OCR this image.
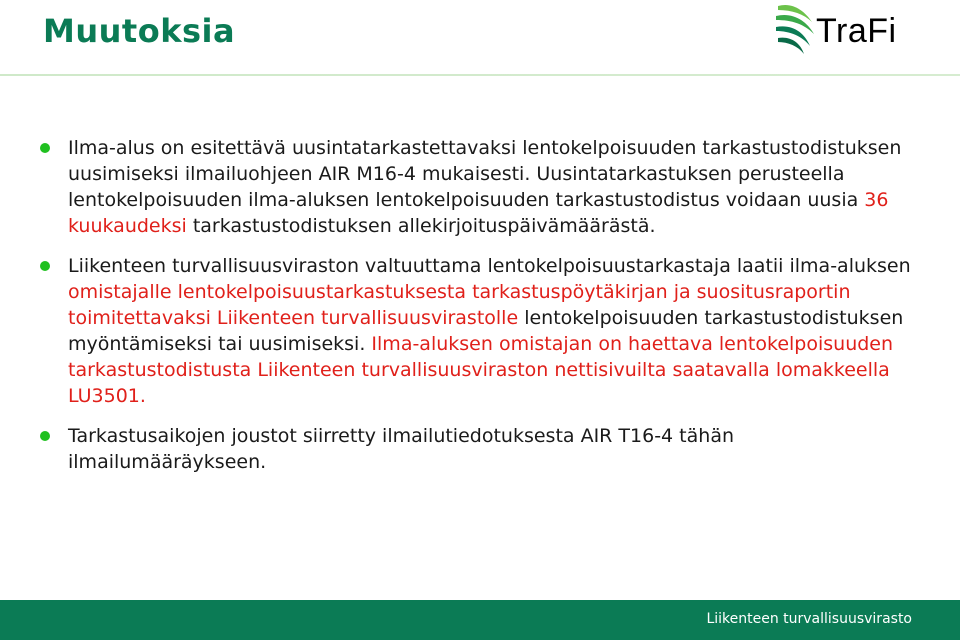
Muutoksia	TraFi
Ilma-alus on esitettävä uusintatarkastettavaksi lentokelpoisuuden tarkastustodistuksen uusimiseksi ilmailuohjeen AIR M16-4 mukaisesti. Uusintatarkastuksen perusteella lentokelpoisuuden ilma-aluksen lentokelpoisuuden tarkastustodistus voidaan uusia 36 kuukaudeksi tarkastustodistuksen allekirjoituspäivämäärästä.
Liikenteen turvallisuusviraston valtuuttama lentokelpoisuustarkastaja laatii ilma-aluksen omistajalle lentokelpoisuustarkastuksesta tarkastuspöytäkirjan ja suositusraportin toimitettavaksi Liikenteen turvallisuusvirastolle lentokelpoisuuden tarkastustodistuksen myöntämiseksi tai uusimiseksi. Ilma-aluksen omistajan on haettava lentokelpoisuuden tarkastustodistusta Liikenteen turvallisuusviraston nettisivuilta saatavalla lomakkeella LU3501.
Tarkastusaikojen joustot siirretty ilmailutiedotuksesta AIR T16-4 tähän ilmailumääräykseen.
Liikenteen turvallisuusvirasto
